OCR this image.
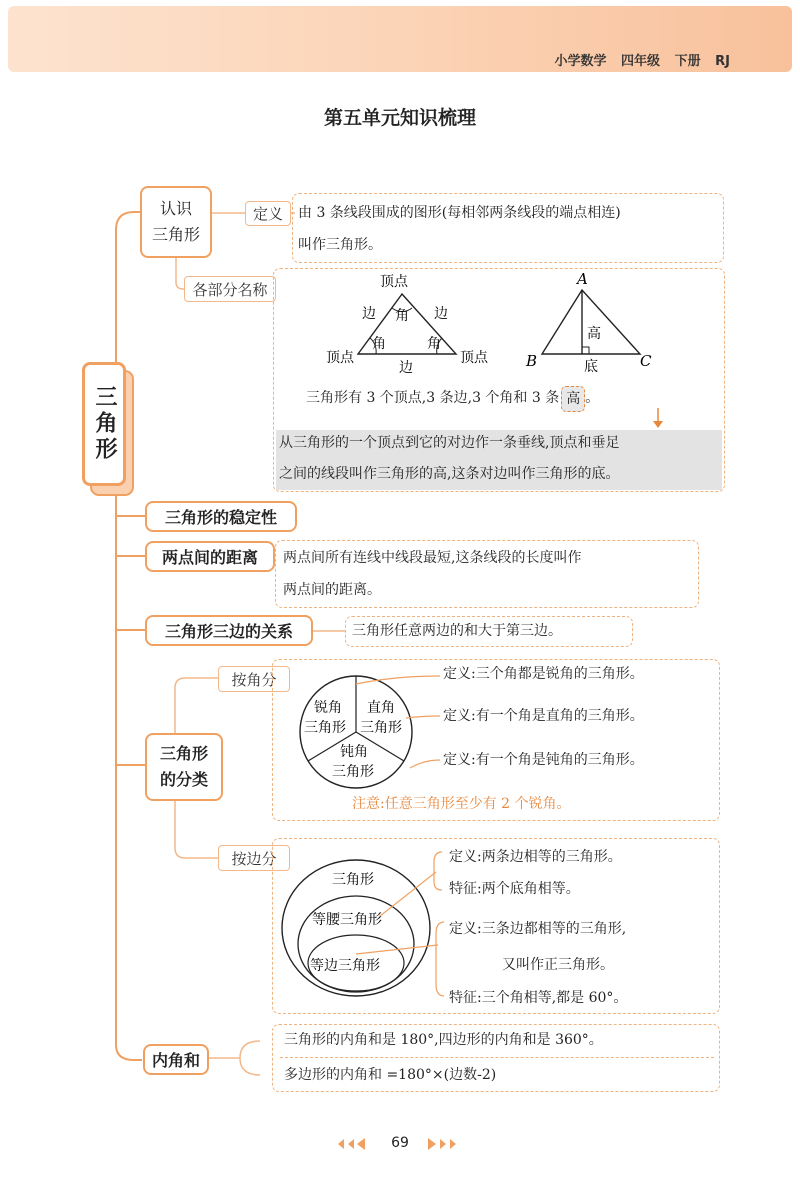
小学数学 四年级 下册 RJ
第五单元知识梳理
三角形
认识
三角形
定义	由 3 条线段围成的图形(每相邻两条线段的端点相连)
叫作三角形。
各部分名称	顶点
边	边
角
角	角
顶点
边
顶点
A
B	C
高
底
三角形有 3 个顶点,3 条边,3 个角和 3 条 高 。
从三角形的一个顶点到它的对边作一条垂线,顶点和垂足
之间的线段叫作三角形的高,这条对边叫作三角形的底。
三角形的稳定性
两点间的距离	两点间所有连线中线段最短,这条线段的长度叫作
两点间的距离。
三角形三边的关系	三角形任意两边的和大于第三边。
三角形
的分类
按角分
锐角
三角形
直角
三角形
钝角
三角形
定义:三个角都是锐角的三角形。
定义:有一个角是直角的三角形。
定义:有一个角是钝角的三角形。
注意:任意三角形至少有 2 个锐角。
按边分
三角形
等腰三角形
等边三角形
定义:两条边相等的三角形。
特征:两个底角相等。
定义:三条边都相等的三角形,
又叫作正三角形。
特征:三个角相等,都是 60°。
内角和
三角形的内角和是 180°,四边形的内角和是 360°。
多边形的内角和 =180°×(边数-2)
69
